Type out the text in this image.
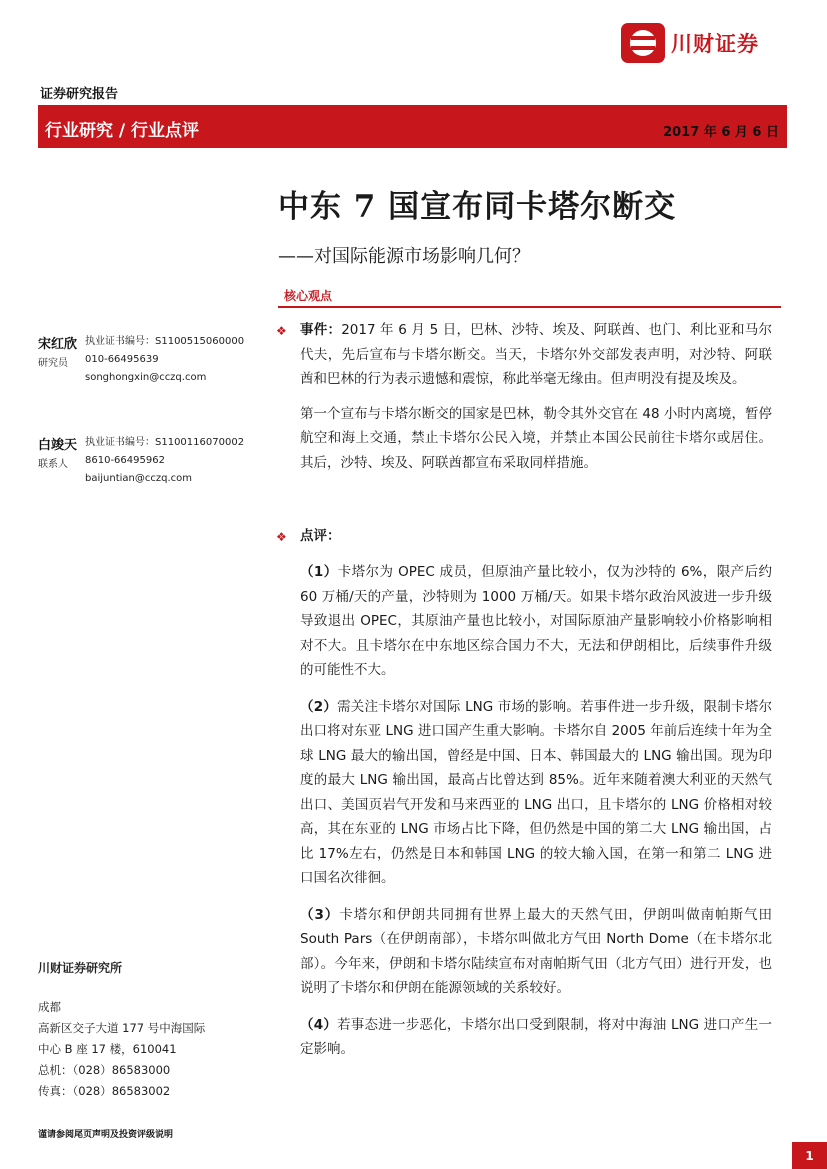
川财证券
证券研究报告
行业研究 / 行业点评	2017 年 6 月 6 日
中东 7 国宣布同卡塔尔断交
——对国际能源市场影响几何？
核心观点
宋红欣
研究员
执业证书编号：S1100515060000
010-66495639
songhongxin@cczq.com
白竣天
联系人
执业证书编号：S1100116070002
8610-66495962
baijuntian@cczq.com
川财证券研究所
成都
高新区交子大道 177 号中海国际
中心 B 座 17 楼，610041
总机：（028）86583000
传真：（028）86583002
❖ 事件：2017 年 6 月 5 日，巴林、沙特、埃及、阿联酋、也门、利比亚和马尔代夫，先后宣布与卡塔尔断交。当天，卡塔尔外交部发表声明，对沙特、阿联酋和巴林的行为表示遗憾和震惊，称此举毫无缘由。但声明没有提及埃及。

第一个宣布与卡塔尔断交的国家是巴林，勒令其外交官在 48 小时内离境，暂停航空和海上交通，禁止卡塔尔公民入境，并禁止本国公民前往卡塔尔或居住。其后，沙特、埃及、阿联酋都宣布采取同样措施。

❖ 点评：

（1）卡塔尔为 OPEC 成员，但原油产量比较小，仅为沙特的 6%，限产后约 60 万桶/天的产量，沙特则为 1000 万桶/天。如果卡塔尔政治风波进一步升级导致退出 OPEC，其原油产量也比较小，对国际原油产量影响较小价格影响相对不大。且卡塔尔在中东地区综合国力不大，无法和伊朗相比，后续事件升级的可能性不大。

（2）需关注卡塔尔对国际 LNG 市场的影响。若事件进一步升级，限制卡塔尔出口将对东亚 LNG 进口国产生重大影响。卡塔尔自 2005 年前后连续十年为全球 LNG 最大的输出国，曾经是中国、日本、韩国最大的 LNG 输出国。现为印度的最大 LNG 输出国，最高占比曾达到 85%。近年来随着澳大利亚的天然气出口、美国页岩气开发和马来西亚的 LNG 出口，且卡塔尔的 LNG 价格相对较高，其在东亚的 LNG 市场占比下降，但仍然是中国的第二大 LNG 输出国，占比 17%左右，仍然是日本和韩国 LNG 的较大输入国，在第一和第二 LNG 进口国名次徘徊。

（3）卡塔尔和伊朗共同拥有世界上最大的天然气田，伊朗叫做南帕斯气田 South Pars（在伊朗南部），卡塔尔叫做北方气田 North Dome（在卡塔尔北部）。今年来，伊朗和卡塔尔陆续宣布对南帕斯气田（北方气田）进行开发，也说明了卡塔尔和伊朗在能源领域的关系较好。

（4）若事态进一步恶化，卡塔尔出口受到限制，将对中海油 LNG 进口产生一定影响。

谨请参阅尾页声明及投资评级说明
1
